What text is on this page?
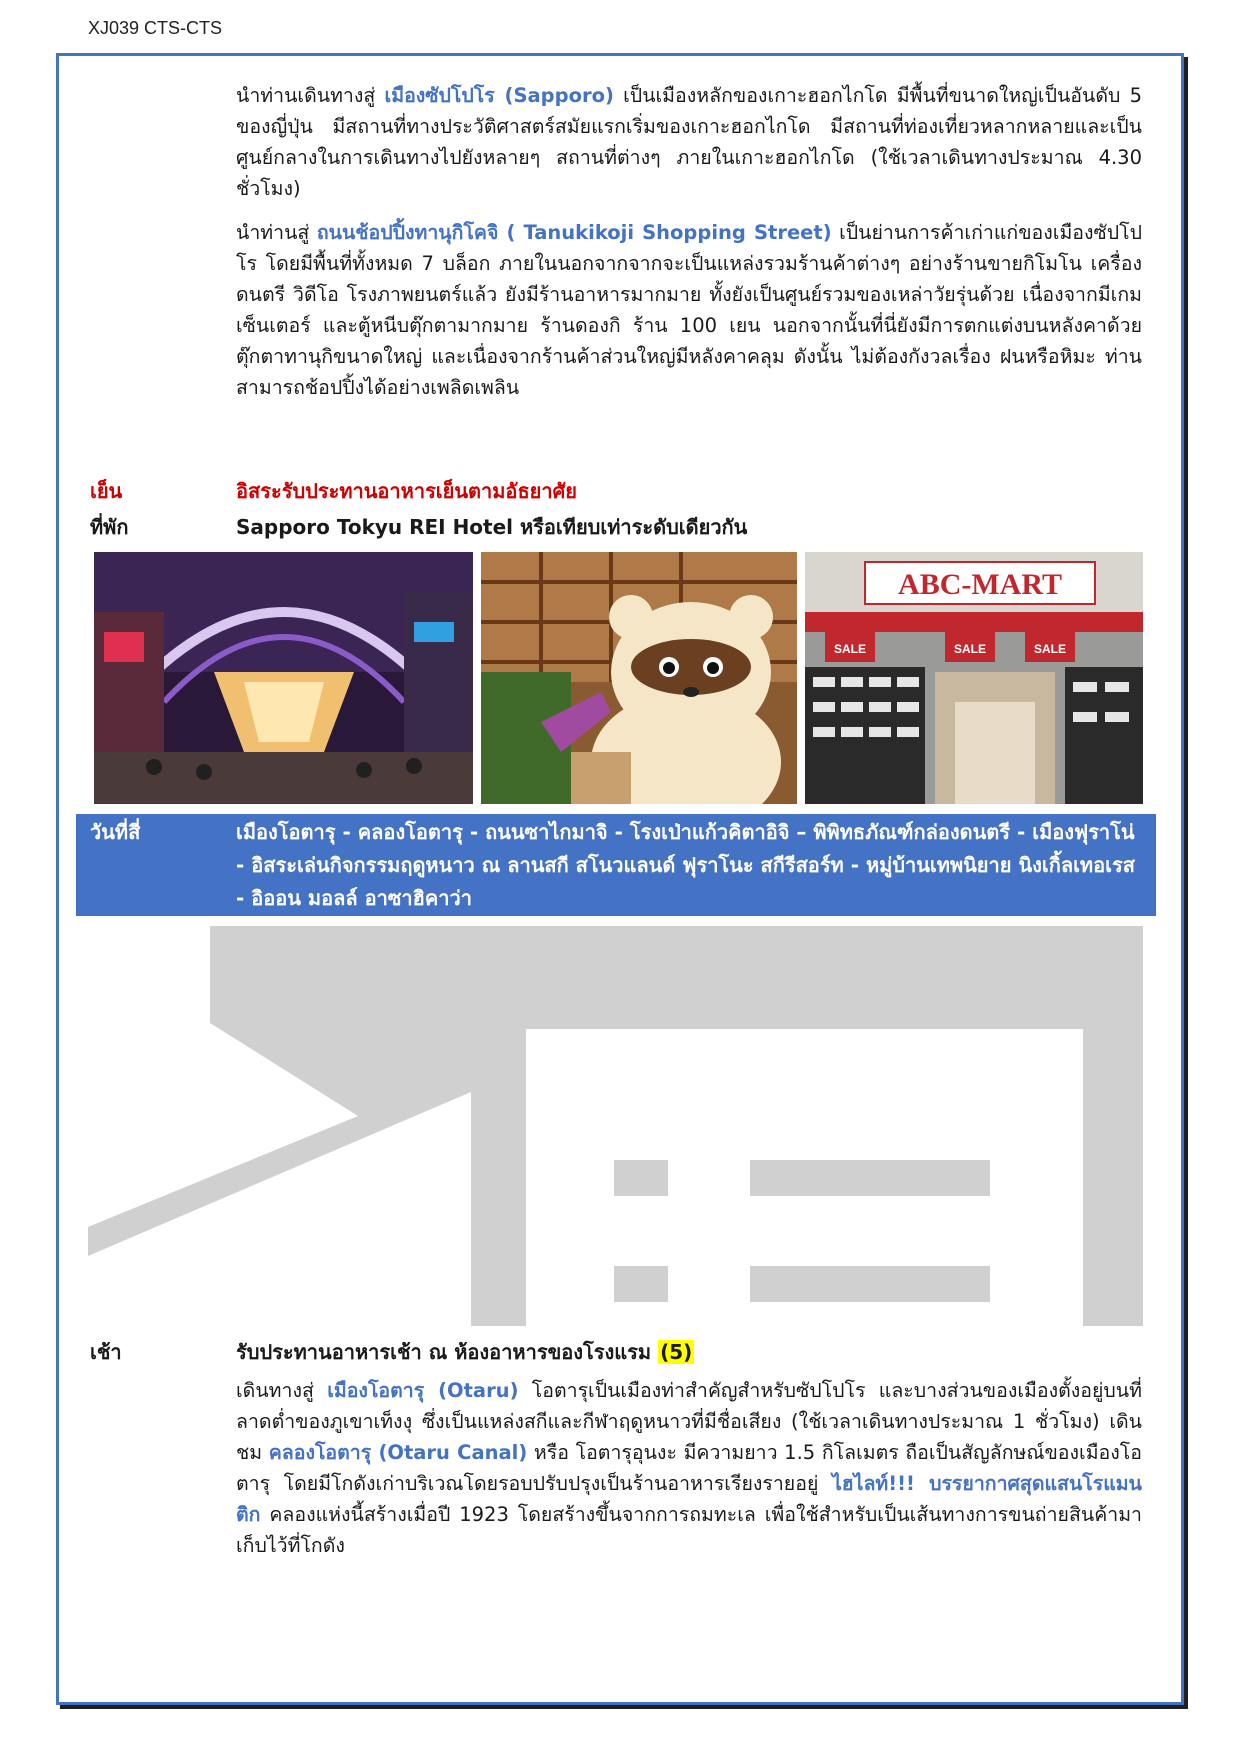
XJ039 CTS-CTS

นำท่านเดินทางสู่ เมืองซัปโปโร (Sapporo) เป็นเมืองหลักของเกาะฮอกไกโด มีพื้นที่ขนาดใหญ่เป็นอันดับ 5 ของญี่ปุ่น มีสถานที่ทางประวัติศาสตร์สมัยแรกเริ่มของเกาะฮอกไกโด มีสถานที่ท่องเที่ยวหลากหลายและเป็นศูนย์กลางในการเดินทางไปยังหลายๆ สถานที่ต่างๆ ภายในเกาะฮอกไกโด (ใช้เวลาเดินทางประมาณ 4.30 ชั่วโมง)

นำท่านสู่ ถนนช้อปปิ้งทานุกิโคจิ ( Tanukikoji Shopping Street) เป็นย่านการค้าเก่าแก่ของเมืองซัปโปโร โดยมีพื้นที่ทั้งหมด 7 บล็อก ภายในนอกจากจากจะเป็นแหล่งรวมร้านค้าต่างๆ อย่างร้านขายกิโมโน เครื่องดนตรี วิดีโอ โรงภาพยนตร์แล้ว ยังมีร้านอาหารมากมาย ทั้งยังเป็นศูนย์รวมของเหล่าวัยรุ่นด้วย เนื่องจากมีเกมเซ็นเตอร์ และตู้หนีบตุ๊กตามากมาย ร้านดองกิ ร้าน 100 เยน นอกจากนั้นที่นี่ยังมีการตกแต่งบนหลังคาด้วยตุ๊กตาทานุกิขนาดใหญ่ และเนื่องจากร้านค้าส่วนใหญ่มีหลังคาคลุม ดังนั้น ไม่ต้องกังวลเรื่อง ฝนหรือหิมะ ท่านสามารถช้อปปิ้งได้อย่างเพลิดเพลิน

เย็น	อิสระรับประทานอาหารเย็นตามอัธยาศัย
ที่พัก	Sapporo Tokyu REI Hotel หรือเทียบเท่าระดับเดียวกัน
ABC-MART
SALE	SALE	SALE
วันที่สี่	เมืองโอตารุ - คลองโอตารุ - ถนนซาไกมาจิ - โรงเป่าแก้วคิตาอิจิ – พิพิทธภัณฑ์กล่องดนตรี - เมืองฟุราโน่ - อิสระเล่นกิจกรรมฤดูหนาว ณ ลานสกี สโนวแลนด์ ฟุราโนะ สกีรีสอร์ท - หมู่บ้านเทพนิยาย นิงเกิ้ลเทอเรส - อิออน มอลล์ อาซาฮิคาว่า
เช้า	รับประทานอาหารเช้า ณ ห้องอาหารของโรงแรม (5)

เดินทางสู่ เมืองโอตารุ (Otaru) โอตารุเป็นเมืองท่าสำคัญสำหรับซัปโปโร และบางส่วนของเมืองตั้งอยู่บนที่ลาดต่ำของภูเขาเท็งงุ ซึ่งเป็นแหล่งสกีและกีฬาฤดูหนาวที่มีชื่อเสียง (ใช้เวลาเดินทางประมาณ 1 ชั่วโมง) เดินชม คลองโอตารุ (Otaru Canal) หรือ โอตารุอุนงะ มีความยาว 1.5 กิโลเมตร ถือเป็นสัญลักษณ์ของเมืองโอตารุ โดยมีโกดังเก่าบริเวณโดยรอบปรับปรุงเป็นร้านอาหารเรียงรายอยู่ ไฮไลท์!!! บรรยากาศสุดแสนโรแมนติก คลองแห่งนี้สร้างเมื่อปี 1923 โดยสร้างขึ้นจากการถมทะเล เพื่อใช้สำหรับเป็นเส้นทางการขนถ่ายสินค้ามาเก็บไว้ที่โกดัง
